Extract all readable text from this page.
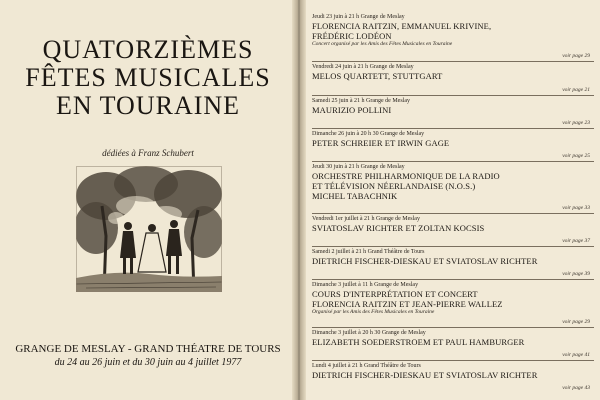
QUATORZIÈMES
FÊTES MUSICALES
EN TOURAINE
dédiées à Franz Schubert
GRANGE DE MESLAY - GRAND THÉATRE DE TOURS
du 24 au 26 juin et du 30 juin au 4 juillet 1977
Jeudi 23 juin à 21 h Grange de Meslay
FLORENCIA RAITZIN, EMMANUEL KRIVINE,
FRÉDÉRIC LODÉON
Concert organisé par les Amis des Fêtes Musicales en Touraine
voir page 29
Vendredi 24 juin à 21 h Grange de Meslay
MELOS QUARTETT, STUTTGART
voir page 21
Samedi 25 juin à 21 h Grange de Meslay
MAURIZIO POLLINI
voir page 23
Dimanche 26 juin à 20 h 30 Grange de Meslay
PETER SCHREIER ET IRWIN GAGE
voir page 25
Jeudi 30 juin à 21 h Grange de Meslay
ORCHESTRE PHILHARMONIQUE DE LA RADIO
ET TÉLÉVISION NÉERLANDAISE (N.O.S.)
MICHEL TABACHNIK
voir page 33
Vendredi 1er juillet à 21 h Grange de Meslay
SVIATOSLAV RICHTER ET ZOLTAN KOCSIS
voir page 37
Samedi 2 juillet à 21 h Grand Théâtre de Tours
DIETRICH FISCHER-DIESKAU ET SVIATOSLAV RICHTER
voir page 39
Dimanche 3 juillet à 11 h Grange de Meslay
COURS D'INTERPRÉTATION ET CONCERT
FLORENCIA RAITZIN ET JEAN-PIERRE WALLEZ
Organisé par les Amis des Fêtes Musicales en Touraine
voir page 29
Dimanche 3 juillet à 20 h 30 Grange de Meslay
ELIZABETH SOEDERSTROEM ET PAUL HAMBURGER
voir page 41
Lundi 4 juillet à 21 h Grand Théâtre de Tours
DIETRICH FISCHER-DIESKAU ET SVIATOSLAV RICHTER
voir page 43
